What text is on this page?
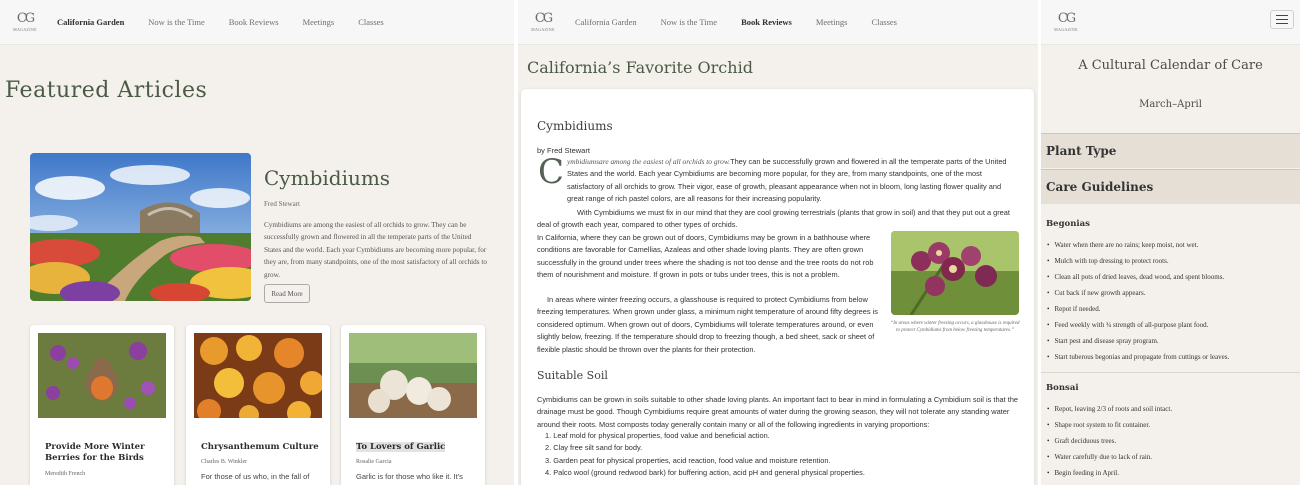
CG
MAGAZINE
California Garden	Now is the Time	Book Reviews	Meetings	Classes
Featured Articles
Cymbidiums
Fred Stewart
Cymbidiums are among the easiest of all orchids to grow. They can be successfully grown and flowered in all the temperate parts of the United States and the world. Each year Cymbidiums are becoming more popular, for they are, from many standpoints, one of the most satisfactory of all orchids to grow.
Read More
Provide More Winter Berries for the Birds
Meredith French
Chrysanthemum Culture
Charles B. Winkler
For those of us who, in the fall of
To Lovers of Garlic
Rosalie Garcia
Garlic is for those who like it. It's
CG
MAGAZINE
California Garden	Now is the Time	Book Reviews	Meetings	Classes
California’s Favorite Orchid
Cymbidiums
by Fred Stewart
C ymbidiumsare among the easiest of all orchids to grow.They can be successfully grown and flowered in all the temperate parts of the United States and the world. Each year Cymbidiums are becoming more popular, for they are, from many standpoints, one of the most satisfactory of all orchids to grow. Their vigor, ease of growth, pleasant appearance when not in bloom, long lasting flower quality and great range of rich pastel colors, are all reasons for their increasing popularity.
With Cymbidiums we must fix in our mind that they are cool growing terrestrials (plants that grow in soil) and that they put out a great deal of growth each year, compared to other types of orchids.
In California, where they can be grown out of doors, Cymbidiums may be grown in a bathhouse where conditions are favorable for Camellias, Azaleas and other shade loving plants. They are often grown successfully in the ground under trees where the shading is not too dense and the tree roots do not rob them of nourishment and moisture. If grown in pots or tubs under trees, this is not a problem.
“In areas where winter freezing occurs, a glasshouse is required to protect Cymbidiums from below freezing temperatures.”
In areas where winter freezing occurs, a glasshouse is required to protect Cymbidiums from below freezing temperatures. When grown under glass, a minimum night temperature of around fifty degrees is considered optimum. When grown out of doors, Cymbidiums will tolerate temperatures around, or even slightly below, freezing. If the temperature should drop to freezing though, a bed sheet, sack or sheet of flexible plastic should be thrown over the plants for their protection.
Suitable Soil
Cymbidiums can be grown in soils suitable to other shade loving plants. An important fact to bear in mind in formulating a Cymbidium soil is that the drainage must be good. Though Cymbidiums require great amounts of water during the growing season, they will not tolerate any standing water around their roots. Most composts today generally contain many or all of the following ingredients in varying proportions:
1. Leaf mold for physical properties, food value and beneficial action.
2. Clay free silt sand for body.
3. Garden peat for physical properties, acid reaction, food value and moisture retention.
4. Palco wool (ground redwood bark) for buffering action, acid pH and general physical properties.
CG
MAGAZINE
A Cultural Calendar of Care
March–April
Plant Type
Care Guidelines
Begonias
• Water when there are no rains; keep moist, not wet.
• Mulch with top dressing to protect roots.
• Clean all pots of dried leaves, dead wood, and spent blooms.
• Cut back if new growth appears.
• Repot if needed.
• Feed weekly with ¾ strength of all-purpose plant food.
• Start pest and disease spray program.
• Start tuberous begonias and propagate from cuttings or leaves.
Bonsai
• Repot, leaving 2/3 of roots and soil intact.
• Shape root system to fit container.
• Graft deciduous trees.
• Water carefully due to lack of rain.
• Begin feeding in April.
